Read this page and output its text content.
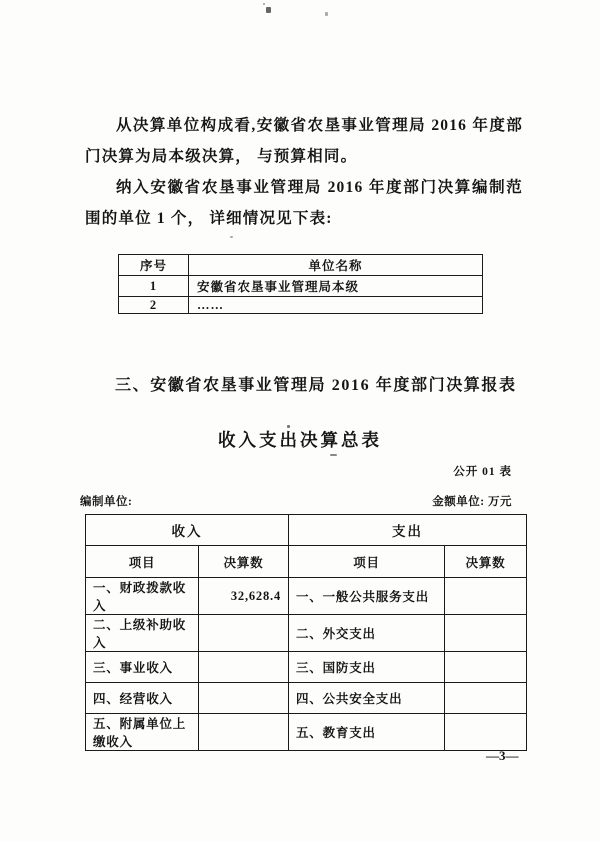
从决算单位构成看,安徽省农垦事业管理局 2016 年度部门决算为局本级决算， 与预算相同。

纳入安徽省农垦事业管理局 2016 年度部门决算编制范围的单位 1 个， 详细情况见下表:

序号	单位名称
1	安徽省农垦事业管理局本级
2	……
三、安徽省农垦事业管理局 2016 年度部门决算报表
收入支出决算总表
公开 01 表
编制单位:	金额单位: 万元
收入		支出	
项目	决算数	项目	决算数
一、财政拨款收入	32,628.4	一、一般公共服务支出	
二、上级补助收入		二、外交支出	
三、事业收入		三、国防支出	
四、经营收入		四、公共安全支出	
五、附属单位上缴收入		五、教育支出	
—3—
